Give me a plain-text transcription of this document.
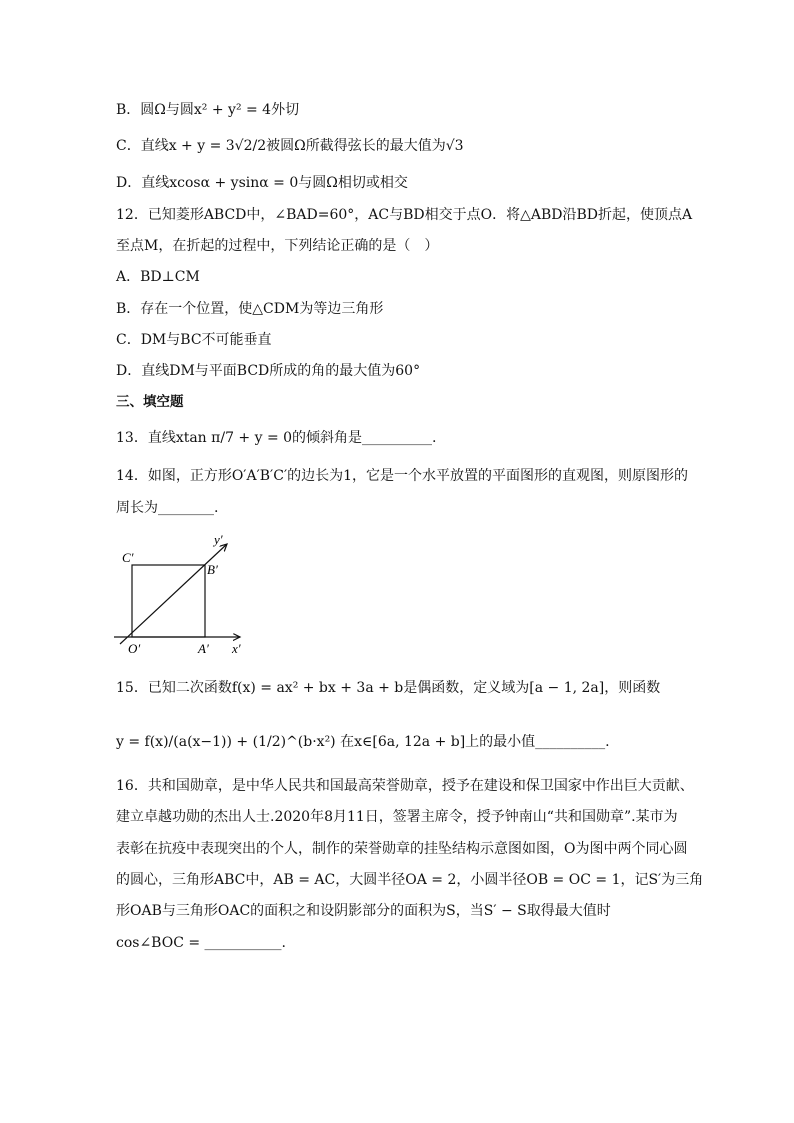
B．圆Ω与圆x² + y² = 4外切
C．直线x + y = 3√2/2被圆Ω所截得弦长的最大值为√3
D．直线xcosα + ysinα = 0与圆Ω相切或相交
12．已知菱形ABCD中，∠BAD=60°，AC与BD相交于点O．将△ABD沿BD折起，使顶点A
至点M，在折起的过程中，下列结论正确的是（　）
A．BD⊥CM
B．存在一个位置，使△CDM为等边三角形
C．DM与BC不可能垂直
D．直线DM与平面BCD所成的角的最大值为60°
三、填空题
13．直线xtan π/7 + y = 0的倾斜角是__________.
14．如图，正方形O′A′B′C′的边长为1，它是一个水平放置的平面图形的直观图，则原图形的
周长为________.
C′
B′
O′	A′
y′
x′
15．已知二次函数f(x) = ax² + bx + 3a + b是偶函数，定义域为[a − 1, 2a]，则函数
y = f(x)/(a(x−1)) + (1/2)^(b·x²) 在x∈[6a, 12a + b]上的最小值__________.
16．共和国勋章，是中华人民共和国最高荣誉勋章，授予在建设和保卫国家中作出巨大贡献、
建立卓越功勋的杰出人士.2020年8月11日，签署主席令，授予钟南山“共和国勋章”.某市为
表彰在抗疫中表现突出的个人，制作的荣誉勋章的挂坠结构示意图如图，O为图中两个同心圆
的圆心，三角形ABC中，AB = AC，大圆半径OA = 2，小圆半径OB = OC = 1，记S′为三角
形OAB与三角形OAC的面积之和设阴影部分的面积为S，当S′ − S取得最大值时
cos∠BOC = ___________.
